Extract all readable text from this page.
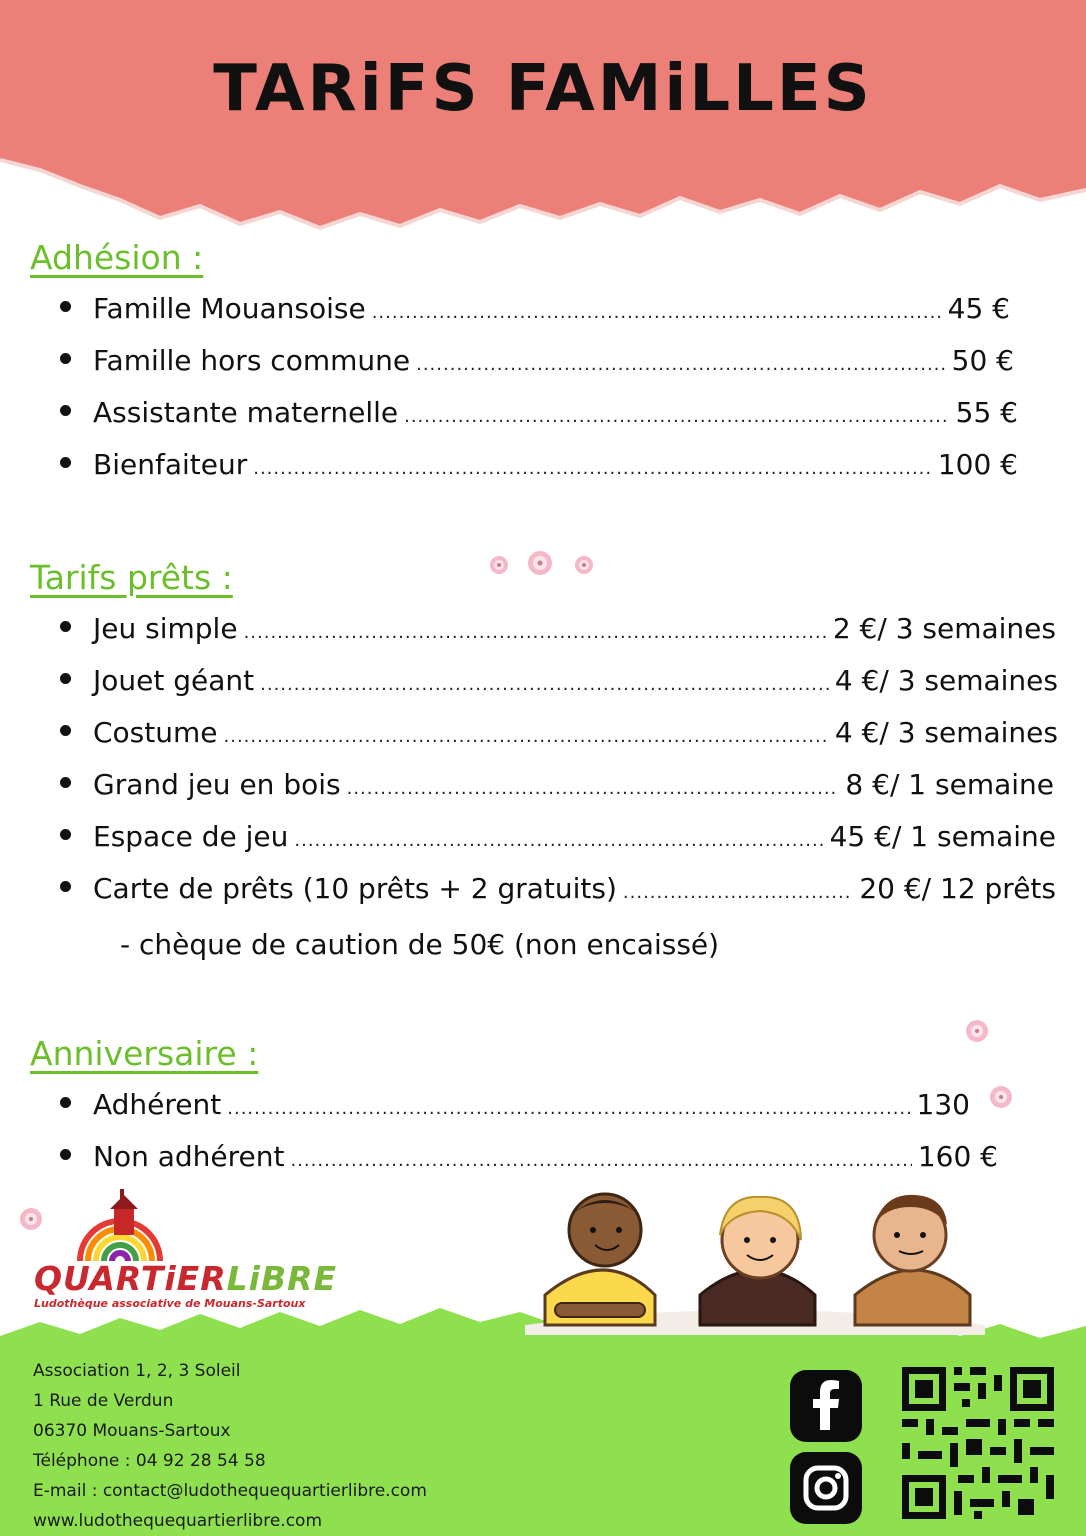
TARiFS FAMiLLES
Adhésion :
Famille Mouansoise .....	45 €
Famille hors commune .....	50 €
Assistante maternelle .....	55 €
Bienfaiteur .....	100 €
Tarifs prêts :
Jeu simple .....	2 €/ 3 semaines
Jouet géant .....	4 €/ 3 semaines
Costume .....	4 €/ 3 semaines
Grand jeu en bois .....	8 €/ 1 semaine
Espace de jeu .....	45 €/ 1 semaine
Carte de prêts (10 prêts + 2 gratuits) .....	20 €/ 12 prêts

- chèque de caution de 50€ (non encaissé)

Anniversaire :
Adhérent .....	130
Non adhérent .....	160 €
QUARTiERLiBRE
Ludothèque associative de Mouans-Sartoux

Association 1, 2, 3 Soleil

1 Rue de Verdun

06370 Mouans-Sartoux

Téléphone : 04 92 28 54 58

E-mail : contact@ludothequequartierlibre.com

www.ludothequequartierlibre.com
